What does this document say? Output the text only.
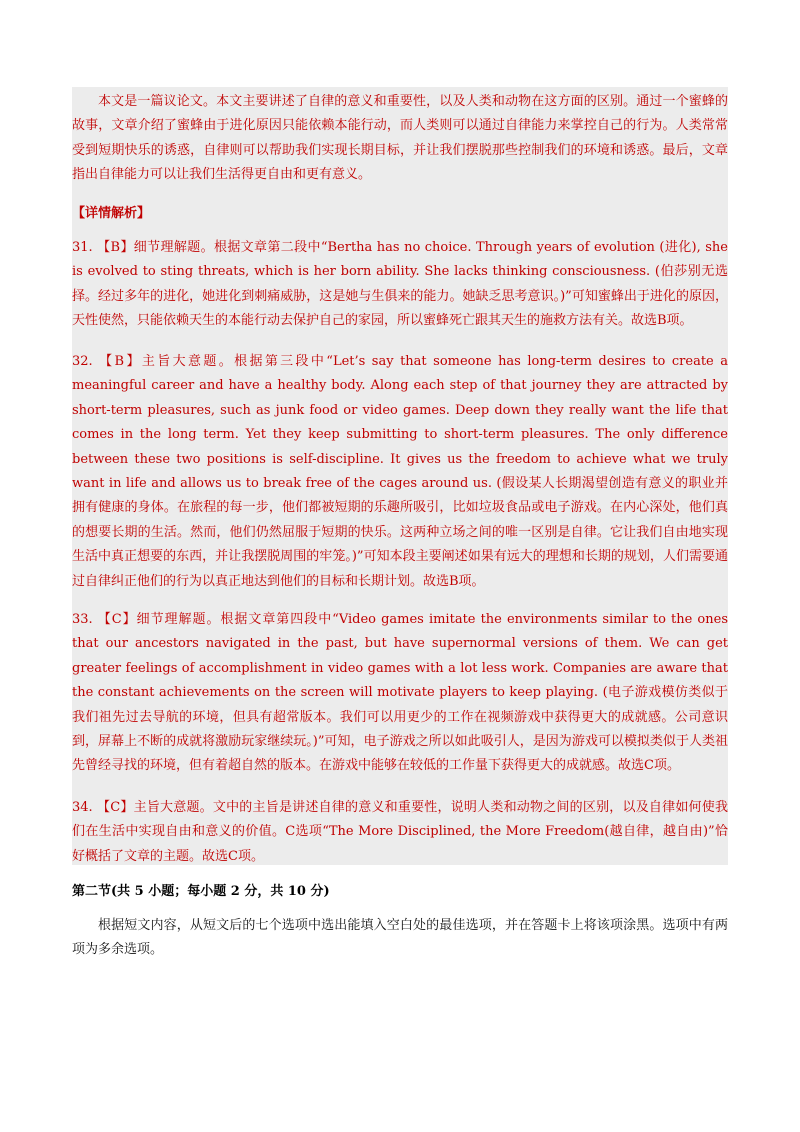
本文是一篇议论文。本文主要讲述了自律的意义和重要性，以及人类和动物在这方面的区别。通过一个蜜蜂的故事，文章介绍了蜜蜂由于进化原因只能依赖本能行动，而人类则可以通过自律能力来掌控自己的行为。人类常常受到短期快乐的诱惑，自律则可以帮助我们实现长期目标，并让我们摆脱那些控制我们的环境和诱惑。最后，文章指出自律能力可以让我们生活得更自由和更有意义。

【详情解析】

31. 【B】细节理解题。根据文章第二段中“Bertha has no choice. Through years of evolution (进化), she is evolved to sting threats, which is her born ability. She lacks thinking consciousness. (伯莎别无选择。经过多年的进化，她进化到刺痛威胁，这是她与生俱来的能力。她缺乏思考意识。)”可知蜜蜂出于进化的原因，天性使然，只能依赖天生的本能行动去保护自己的家园，所以蜜蜂死亡跟其天生的施救方法有关。故选B项。

32. 【B】主旨大意题。根据第三段中“Let’s say that someone has long-term desires to create a meaningful career and have a healthy body. Along each step of that journey they are attracted by short-term pleasures, such as junk food or video games. Deep down they really want the life that comes in the long term. Yet they keep submitting to short-term pleasures. The only difference between these two positions is self-discipline. It gives us the freedom to achieve what we truly want in life and allows us to break free of the cages around us. (假设某人长期渴望创造有意义的职业并拥有健康的身体。在旅程的每一步，他们都被短期的乐趣所吸引，比如垃圾食品或电子游戏。在内心深处，他们真的想要长期的生活。然而，他们仍然屈服于短期的快乐。这两种立场之间的唯一区别是自律。它让我们自由地实现生活中真正想要的东西，并让我摆脱周围的牢笼。)”可知本段主要阐述如果有远大的理想和长期的规划，人们需要通过自律纠正他们的行为以真正地达到他们的目标和长期计划。故选B项。

33. 【C】细节理解题。根据文章第四段中“Video games imitate the environments similar to the ones that our ancestors navigated in the past, but have supernormal versions of them. We can get greater feelings of accomplishment in video games with a lot less work. Companies are aware that the constant achievements on the screen will motivate players to keep playing. (电子游戏模仿类似于我们祖先过去导航的环境，但具有超常版本。我们可以用更少的工作在视频游戏中获得更大的成就感。公司意识到，屏幕上不断的成就将激励玩家继续玩。)”可知，电子游戏之所以如此吸引人，是因为游戏可以模拟类似于人类祖先曾经寻找的环境，但有着超自然的版本。在游戏中能够在较低的工作量下获得更大的成就感。故选C项。

34. 【C】主旨大意题。文中的主旨是讲述自律的意义和重要性，说明人类和动物之间的区别，以及自律如何使我们在生活中实现自由和意义的价值。C选项“The More Disciplined, the More Freedom(越自律，越自由)”恰好概括了文章的主题。故选C项。

第二节(共 5 小题；每小题 2 分，共 10 分)

根据短文内容，从短文后的七个选项中选出能填入空白处的最佳选项，并在答题卡上将该项涂黑。选项中有两项为多余选项。
